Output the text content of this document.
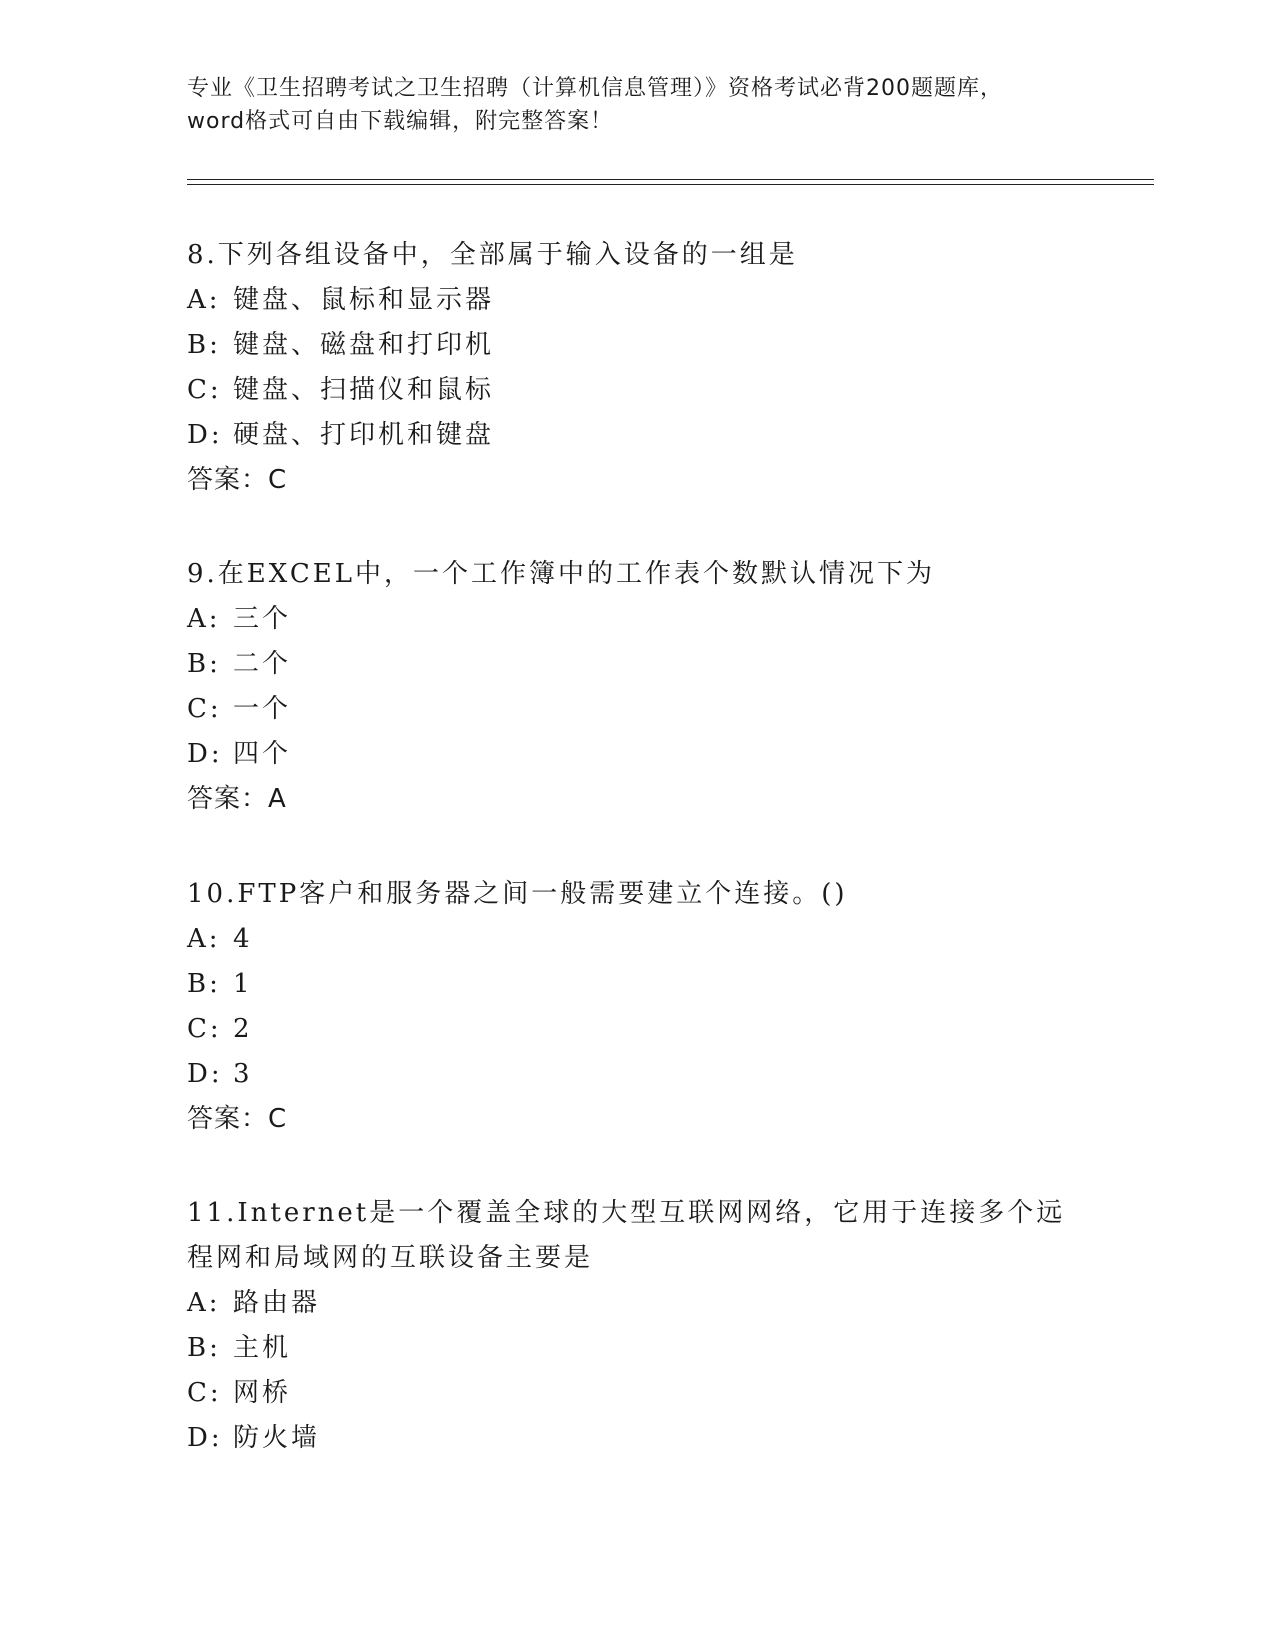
专业《卫生招聘考试之卫生招聘（计算机信息管理）》资格考试必背200题题库，
word格式可自由下载编辑，附完整答案！
8.下列各组设备中，全部属于输入设备的一组是
A: 键盘、鼠标和显示器
B: 键盘、磁盘和打印机
C: 键盘、扫描仪和鼠标
D: 硬盘、打印机和键盘
答案：C
9.在EXCEL中，一个工作簿中的工作表个数默认情况下为
A: 三个
B: 二个
C: 一个
D: 四个
答案：A
10.FTP客户和服务器之间一般需要建立个连接。()
A: 4
B: 1
C: 2
D: 3
答案：C
11.Internet是一个覆盖全球的大型互联网网络，它用于连接多个远程网和局域网的互联设备主要是
A: 路由器
B: 主机
C: 网桥
D: 防火墙
